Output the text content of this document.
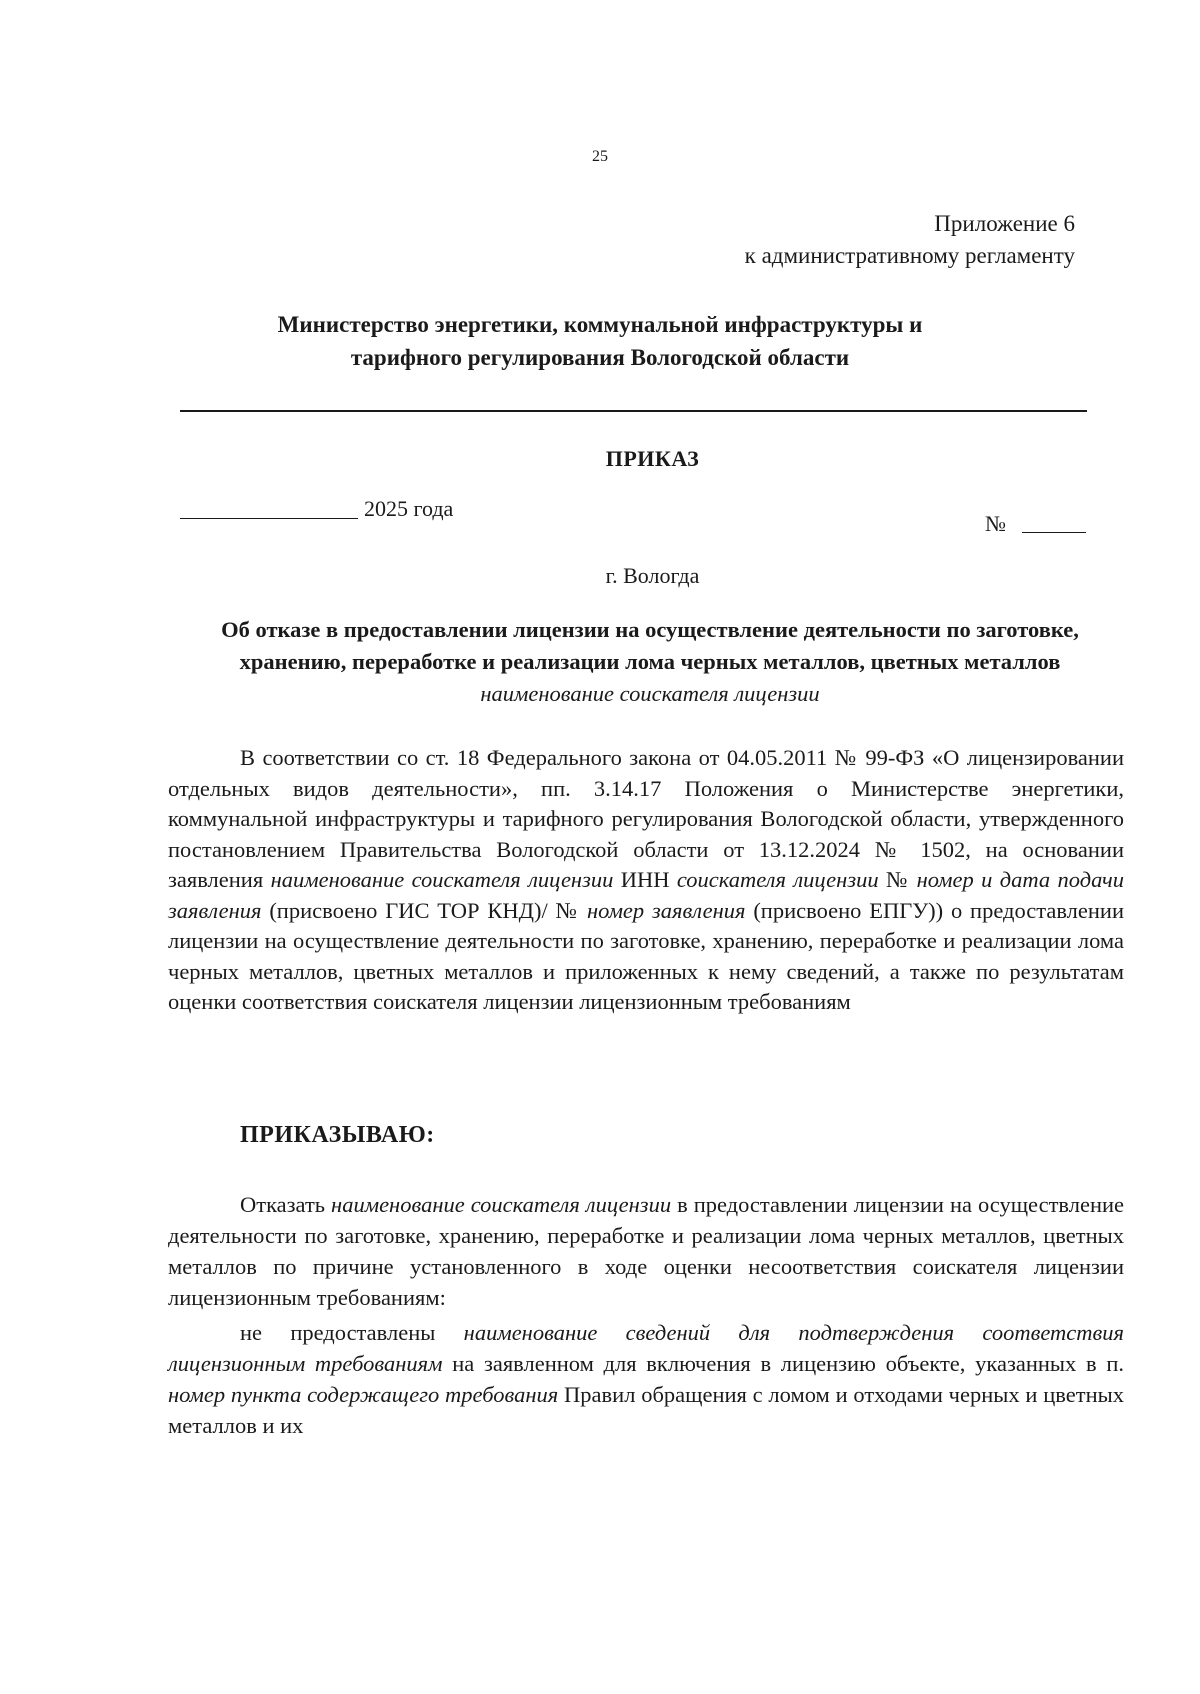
25
Приложение 6
к административному регламенту
Министерство энергетики, коммунальной инфраструктуры и
тарифного регулирования Вологодской области
ПРИКАЗ
2025 года
№
г. Вологда
Об отказе в предоставлении лицензии на осуществление деятельности по заготовке, хранению, переработке и реализации лома черных металлов, цветных металлов наименование соискателя лицензии

В соответствии со ст. 18 Федерального закона от 04.05.2011 № 99-ФЗ «О лицензировании отдельных видов деятельности», пп. 3.14.17 Положения о Министерстве энергетики, коммунальной инфраструктуры и тарифного регулирования Вологодской области, утвержденного постановлением Правительства Вологодской области от 13.12.2024 № 1502, на основании заявления наименование соискателя лицензии ИНН соискателя лицензии № номер и дата подачи заявления (присвоено ГИС ТОР КНД)/ № номер заявления (присвоено ЕПГУ)) о предоставлении лицензии на осуществление деятельности по заготовке, хранению, переработке и реализации лома черных металлов, цветных металлов и приложенных к нему сведений, а также по результатам оценки соответствия соискателя лицензии лицензионным требованиям

ПРИКАЗЫВАЮ:

Отказать наименование соискателя лицензии в предоставлении лицензии на осуществление деятельности по заготовке, хранению, переработке и реализации лома черных металлов, цветных металлов по причине установленного в ходе оценки несоответствия соискателя лицензии лицензионным требованиям:

не предоставлены наименование сведений для подтверждения соответствия лицензионным требованиям на заявленном для включения в лицензию объекте, указанных в п. номер пункта содержащего требования Правил обращения с ломом и отходами черных и цветных металлов и их
